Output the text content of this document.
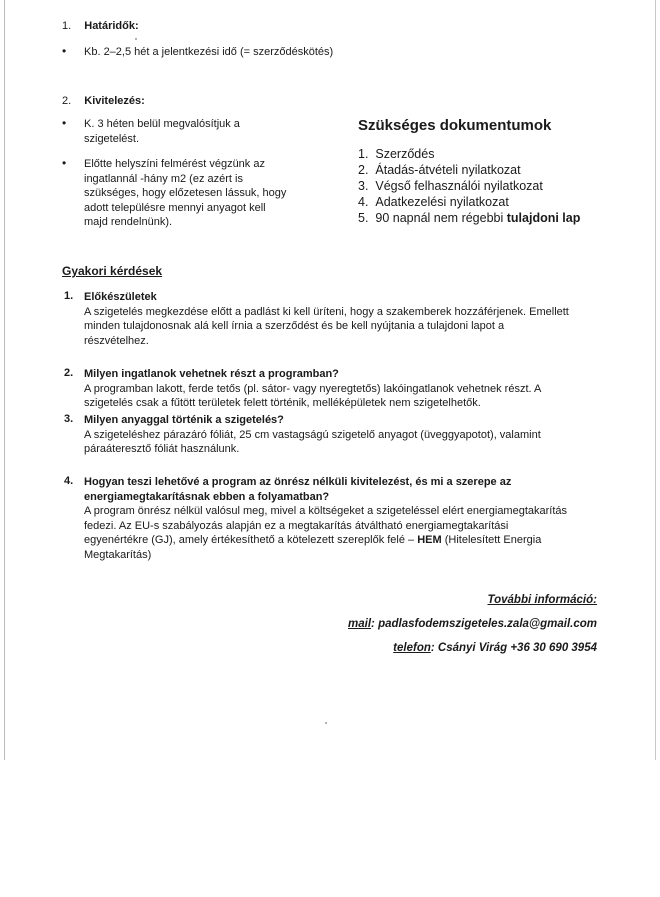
1. Határidők:
• Kb. 2–2,5 hét a jelentkezési idő (= szerződéskötés)
2. Kivitelezés:
• K. 3 héten belül megvalósítjuk a
szigetelést.
• Előtte helyszíni felmérést végzünk az
ingatlannál -hány m2 (ez azért is
szükséges, hogy előzetesen lássuk, hogy
adott településre mennyi anyagot kell
majd rendelnünk).
Szükséges dokumentumok
1. Szerződés
2. Átadás-átvételi nyilatkozat
3. Végső felhasználói nyilatkozat
4. Adatkezelési nyilatkozat
5. 90 napnál nem régebbi tulajdoni lap
Gyakori kérdések
1. Előkészületek
A szigetelés megkezdése előtt a padlást ki kell üríteni, hogy a szakemberek hozzáférjenek. Emellett
minden tulajdonosnak alá kell írnia a szerződést és be kell nyújtania a tulajdoni lapot a
részvételhez.
2. Milyen ingatlanok vehetnek részt a programban?
A programban lakott, ferde tetős (pl. sátor- vagy nyeregtetős) lakóingatlanok vehetnek részt. A
szigetelés csak a fűtött területek felett történik, melléképületek nem szigetelhetők.
3. Milyen anyaggal történik a szigetelés?
A szigeteléshez párazáró fóliát, 25 cm vastagságú szigetelő anyagot (üveggyapotot), valamint
páraáteresztő fóliát használunk.
4. Hogyan teszi lehetővé a program az önrész nélküli kivitelezést, és mi a szerepe az
energiamegtakarításnak ebben a folyamatban?
A program önrész nélkül valósul meg, mivel a költségeket a szigeteléssel elért energiamegtakarítás
fedezi. Az EU-s szabályozás alapján ez a megtakarítás átváltható energiamegtakarítási
egyenértékre (GJ), amely értékesíthető a kötelezett szereplők felé – HEM (Hitelesített Energia
Megtakarítás)
További információ:
mail: padlasfodemszigeteles.zala@gmail.com
telefon: Csányi Virág +36 30 690 3954
